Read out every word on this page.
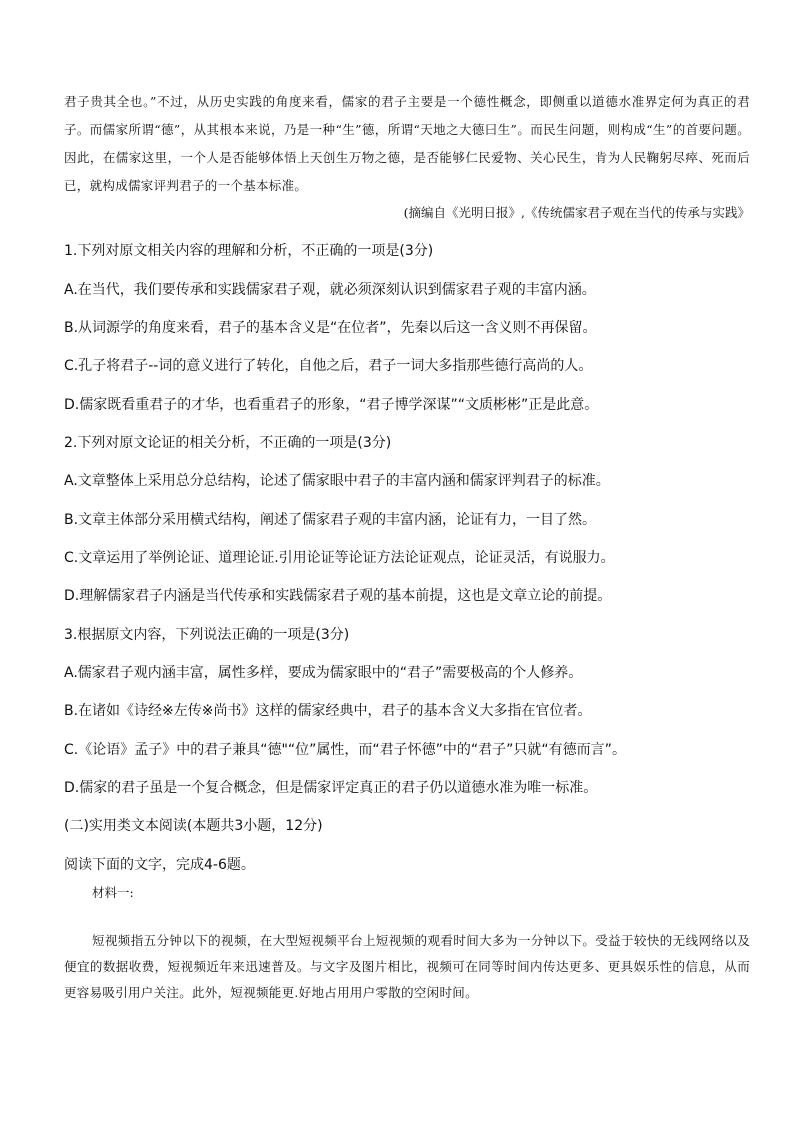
君子贵其全也。”不过，从历史实践的角度来看，儒家的君子主要是一个德性概念，即侧重以道德水准界定何为真正的君子。而儒家所谓“德”，从其根本来说，乃是一种“生”德，所谓“天地之大德曰生”。而民生问题，则构成“生”的首要问题。因此，在儒家这里，一个人是否能够体悟上天创生万物之德，是否能够仁民爱物、关心民生，肯为人民鞠躬尽瘁、死而后已，就构成儒家评判君子的一个基本标准。

(摘编自《光明日报》,《传统儒家君子观在当代的传承与实践》

1.下列对原文相关内容的理解和分析，不正确的一项是(3分)

A.在当代，我们要传承和实践儒家君子观，就必须深刻认识到儒家君子观的丰富内涵。

B.从词源学的角度来看，君子的基本含义是“在位者”，先秦以后这一含义则不再保留。

C.孔子将君子--词的意义进行了转化，自他之后，君子一词大多指那些德行高尚的人。

D.儒家既看重君子的才华，也看重君子的形象，“君子博学深谋”“文质彬彬”正是此意。

2.下列对原文论证的相关分析，不正确的一项是(3分)

A.文章整体上采用总分总结构，论述了儒家眼中君子的丰富内涵和儒家评判君子的标准。

B.文章主体部分采用横式结构，阐述了儒家君子观的丰富内涵，论证有力，一目了然。

C.文章运用了举例论证、道理论证.引用论证等论证方法论证观点，论证灵活，有说服力。

D.理解儒家君子内涵是当代传承和实践儒家君子观的基本前提，这也是文章立论的前提。

3.根据原文内容，下列说法正确的一项是(3分)

A.儒家君子观内涵丰富，属性多样，要成为儒家眼中的“君子”需要极高的个人修养。

B.在诸如《诗经※左传※尚书》这样的儒家经典中，君子的基本含义大多指在官位者。

C.《论语》孟子》中的君子兼具“德"“位”属性，而“君子怀德”中的“君子”只就“有德而言”。

D.儒家的君子虽是一个复合概念，但是儒家评定真正的君子仍以道德水准为唯一标准。

(二)实用类文本阅读(本题共3小题，12分)

阅读下面的文字，完成4-6题。

材料一:

短视频指五分钟以下的视频，在大型短视频平台上短视频的观看时间大多为一分钟以下。受益于较快的无线网络以及便宜的数据收费，短视频近年来迅速普及。与文字及图片相比，视频可在同等时间内传达更多、更具娱乐性的信息，从而更容易吸引用户关注。此外，短视频能更.好地占用用户零散的空闲时间。
